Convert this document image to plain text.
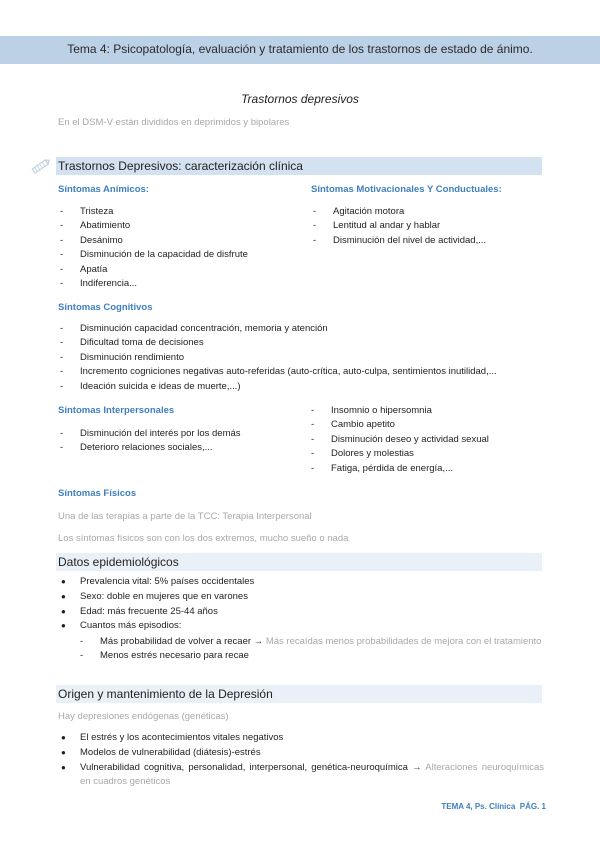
Tema 4: Psicopatología, evaluación y tratamiento de los trastornos de estado de ánimo.
Trastornos depresivos
En el DSM-V están divididos en deprimidos y bipolares
Trastornos Depresivos: caracterización clínica
Síntomas Anímicos:
- Tristeza
- Abatimiento
- Desánimo
- Disminución de la capacidad de disfrute
- Apatía
- Indiferencia...
Síntomas Motivacionales Y Conductuales:
- Agitación motora
- Lentitud al andar y hablar
- Disminución del nivel de actividad,...
Síntomas Cognitivos
- Disminución capacidad concentración, memoria y atención
- Dificultad toma de decisiones
- Disminución rendimiento
- Incremento cogniciones negativas auto-referidas (auto-crítica, auto-culpa, sentimientos inutilidad,...
- Ideación suicida e ideas de muerte,...)
Síntomas Interpersonales
- Disminución del interés por los demás
- Deterioro relaciones sociales,...
- Insomnio o hipersomnia
- Cambio apetito
- Disminución deseo y actividad sexual
- Dolores y molestias
- Fatiga, pérdida de energía,...
Síntomas Físicos
Una de las terapias a parte de la TCC: Terapia Interpersonal
Los síntomas físicos son con los dos extremos, mucho sueño o nada
Datos epidemiológicos
● Prevalencia vital: 5% países occidentales
● Sexo: doble en mujeres que en varones
● Edad: más frecuente 25-44 años
● Cuantos más episodios:
- Más probabilidad de volver a recaer → Más recaídas menos probabilidades de mejora con el tratamiento
- Menos estrés necesario para recae
Origen y mantenimiento de la Depresión
Hay depresiones endógenas (genéticas)
● El estrés y los acontecimientos vitales negativos
● Modelos de vulnerabilidad (diátesis)-estrés
● Vulnerabilidad cognitiva, personalidad, interpersonal, genética-neuroquímica → Alteraciones neuroquímicas en cuadros genéticos
TEMA 4, Ps. Clínica PÁG. 1
